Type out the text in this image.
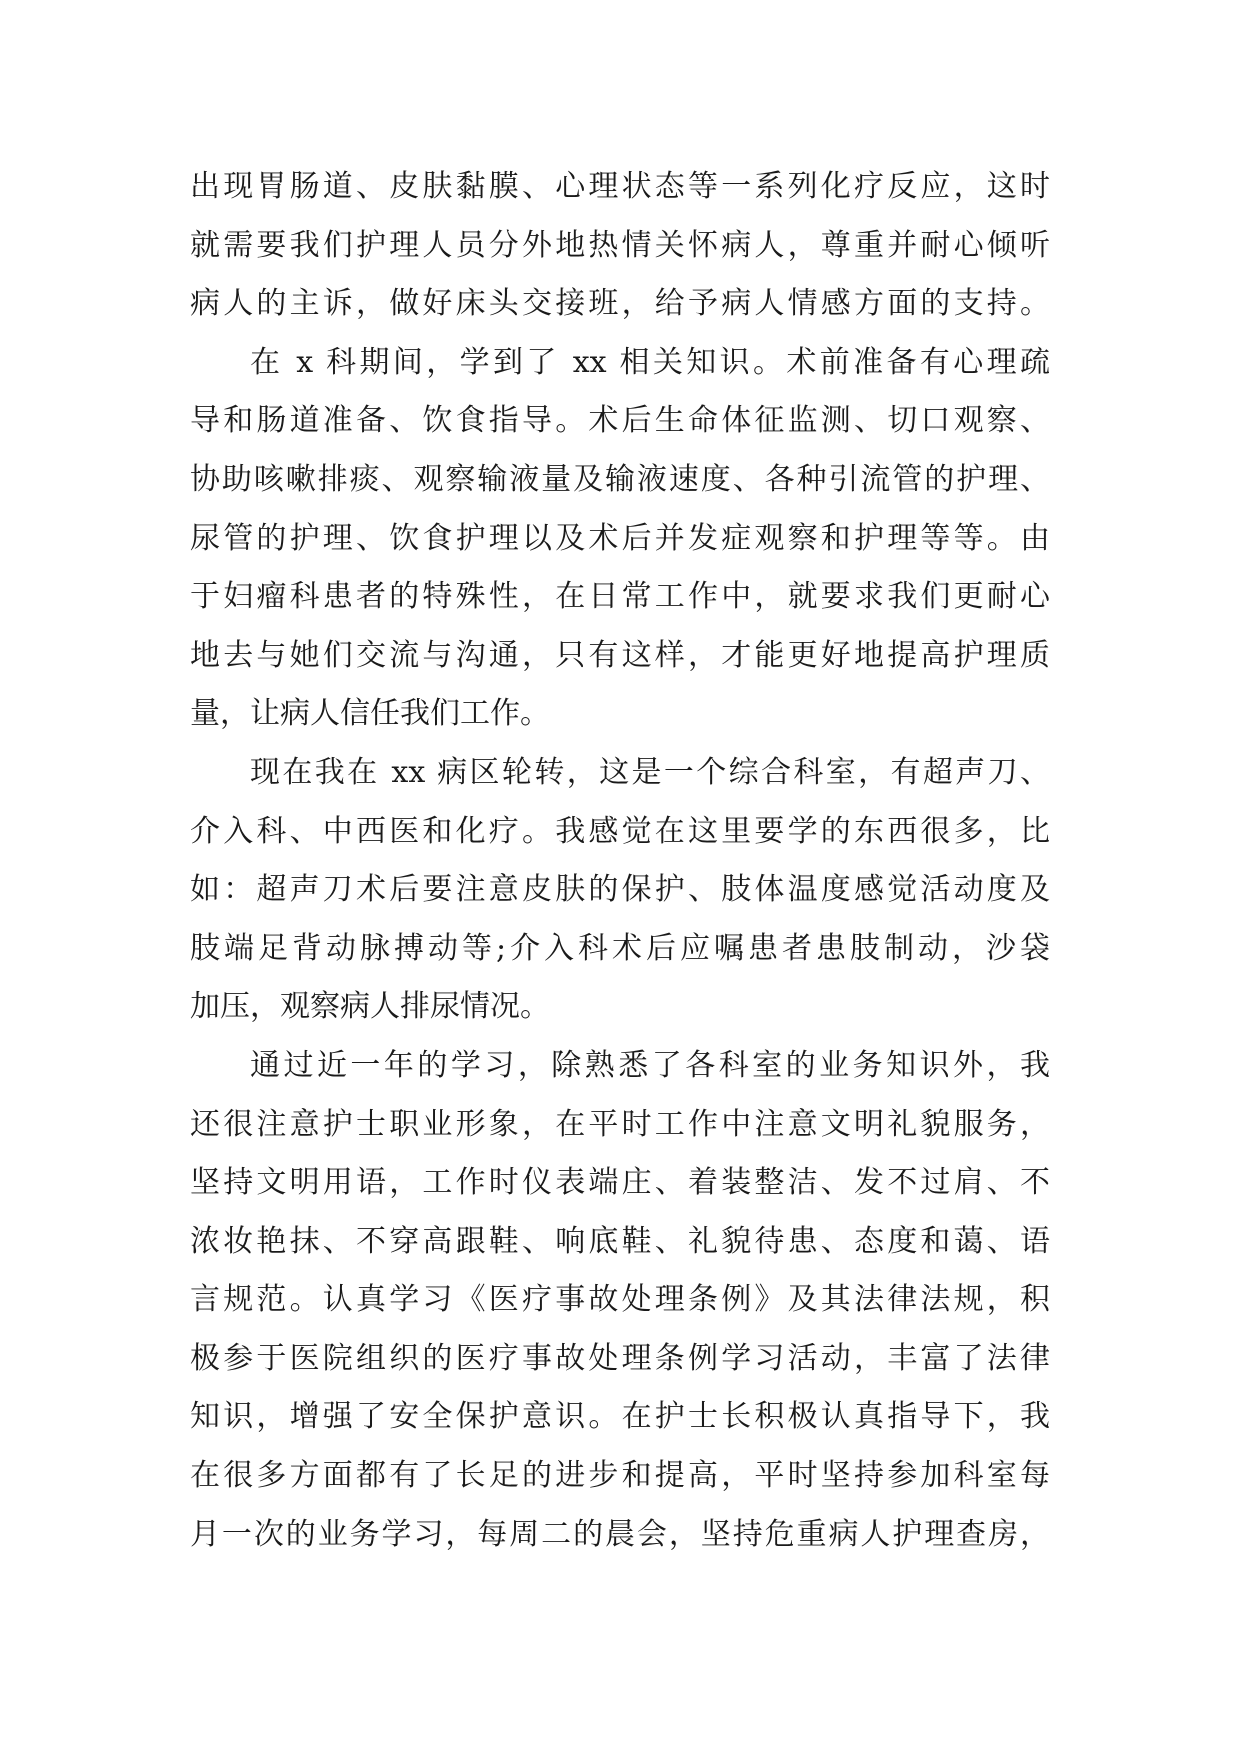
出现胃肠道、皮肤黏膜、心理状态等一系列化疗反应，这时
就需要我们护理人员分外地热情关怀病人，尊重并耐心倾听
病人的主诉，做好床头交接班，给予病人情感方面的支持。
在 x 科期间，学到了 xx 相关知识。术前准备有心理疏
导和肠道准备、饮食指导。术后生命体征监测、切口观察、
协助咳嗽排痰、观察输液量及输液速度、各种引流管的护理、
尿管的护理、饮食护理以及术后并发症观察和护理等等。由
于妇瘤科患者的特殊性，在日常工作中，就要求我们更耐心
地去与她们交流与沟通，只有这样，才能更好地提高护理质
量，让病人信任我们工作。
现在我在 xx 病区轮转，这是一个综合科室，有超声刀、
介入科、中西医和化疗。我感觉在这里要学的东西很多，比
如：超声刀术后要注意皮肤的保护、肢体温度感觉活动度及
肢端足背动脉搏动等;介入科术后应嘱患者患肢制动，沙袋
加压，观察病人排尿情况。
通过近一年的学习，除熟悉了各科室的业务知识外，我
还很注意护士职业形象，在平时工作中注意文明礼貌服务，
坚持文明用语，工作时仪表端庄、着装整洁、发不过肩、不
浓妆艳抹、不穿高跟鞋、响底鞋、礼貌待患、态度和蔼、语
言规范。认真学习《医疗事故处理条例》及其法律法规，积
极参于医院组织的医疗事故处理条例学习活动，丰富了法律
知识，增强了安全保护意识。在护士长积极认真指导下，我
在很多方面都有了长足的进步和提高，平时坚持参加科室每
月一次的业务学习，每周二的晨会，坚持危重病人护理查房，
